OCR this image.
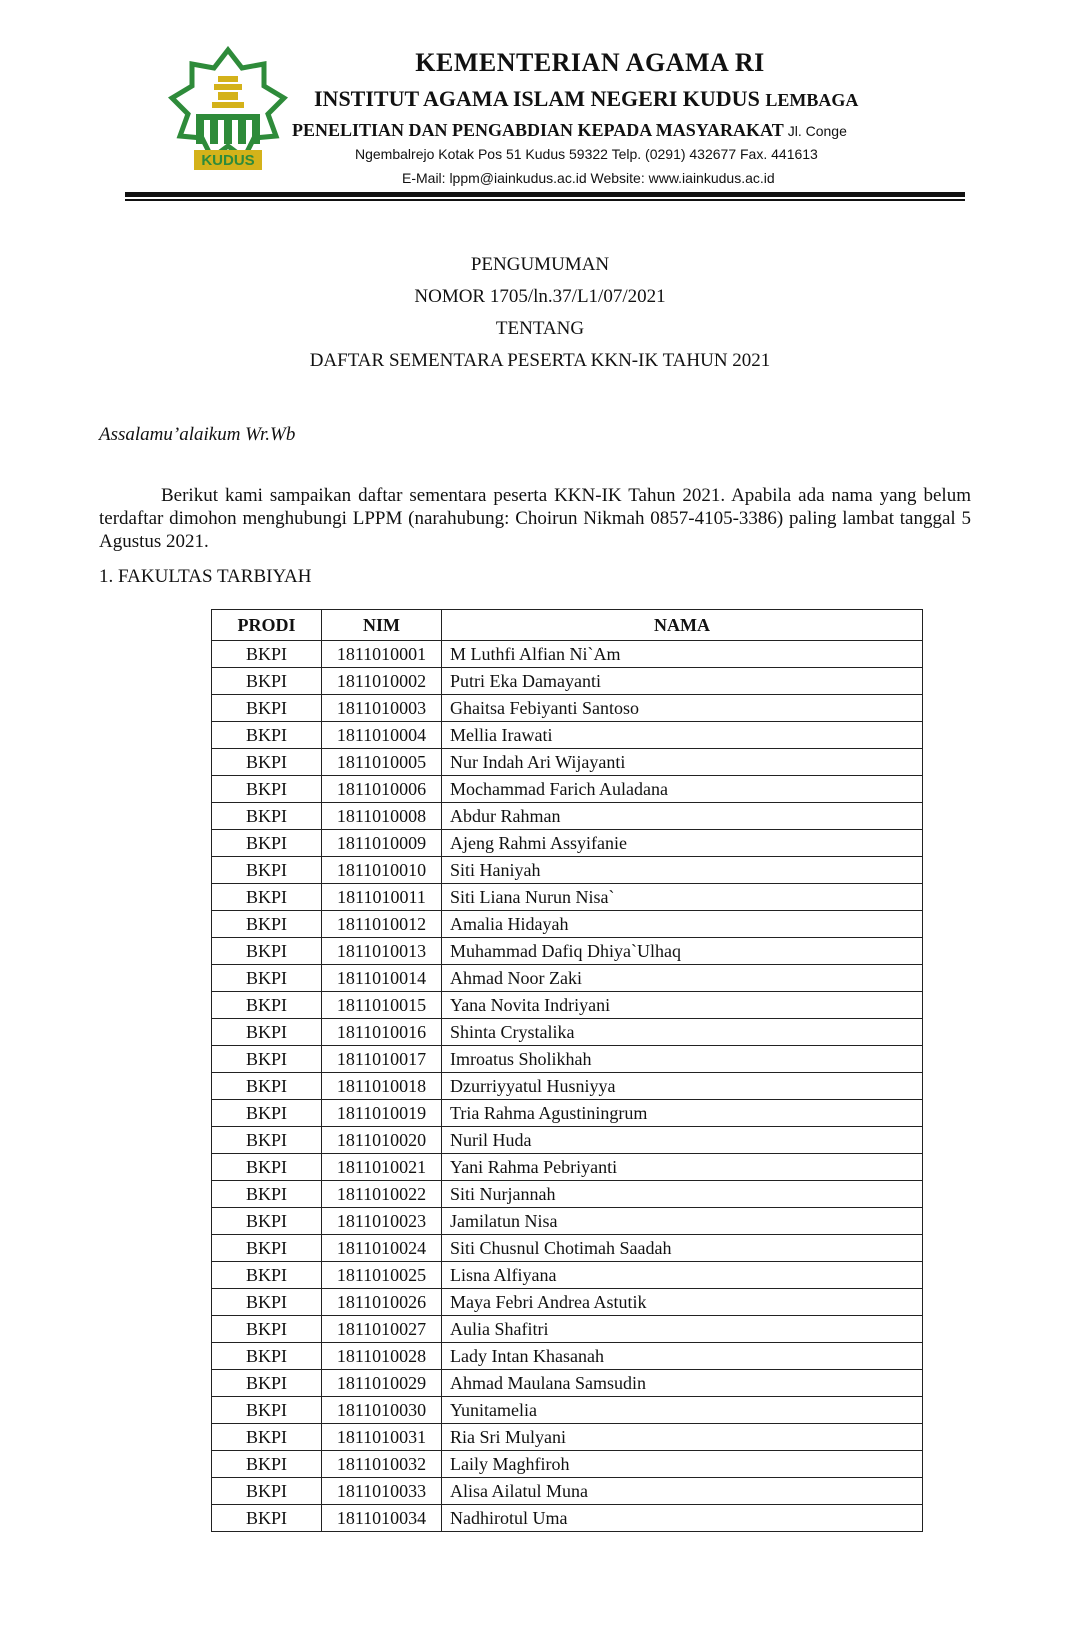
KUDUS
KEMENTERIAN AGAMA RI
INSTITUT AGAMA ISLAM NEGERI KUDUS LEMBAGA
PENELITIAN DAN PENGABDIAN KEPADA MASYARAKAT Jl. Conge
Ngembalrejo Kotak Pos 51 Kudus 59322 Telp. (0291) 432677 Fax. 441613
E-Mail: lppm@iainkudus.ac.id Website: www.iainkudus.ac.id
PENGUMUMAN
NOMOR 1705/ln.37/L1/07/2021
TENTANG
DAFTAR SEMENTARA PESERTA KKN-IK TAHUN 2021
Assalamu’alaikum Wr.Wb

Berikut kami sampaikan daftar sementara peserta KKN-IK Tahun 2021. Apabila ada nama yang belum terdaftar dimohon menghubungi LPPM (narahubung: Choirun Nikmah 0857-4105-3386) paling lambat tanggal 5 Agustus 2021.

1. FAKULTAS TARBIYAH
PRODI	NIM	NAMA
BKPI	1811010001	M Luthfi Alfian Ni`Am
BKPI	1811010002	Putri Eka Damayanti
BKPI	1811010003	Ghaitsa Febiyanti Santoso
BKPI	1811010004	Mellia Irawati
BKPI	1811010005	Nur Indah Ari Wijayanti
BKPI	1811010006	Mochammad Farich Auladana
BKPI	1811010008	Abdur Rahman
BKPI	1811010009	Ajeng Rahmi Assyifanie
BKPI	1811010010	Siti Haniyah
BKPI	1811010011	Siti Liana Nurun Nisa`
BKPI	1811010012	Amalia Hidayah
BKPI	1811010013	Muhammad Dafiq Dhiya`Ulhaq
BKPI	1811010014	Ahmad Noor Zaki
BKPI	1811010015	Yana Novita Indriyani
BKPI	1811010016	Shinta Crystalika
BKPI	1811010017	Imroatus Sholikhah
BKPI	1811010018	Dzurriyyatul Husniyya
BKPI	1811010019	Tria Rahma Agustiningrum
BKPI	1811010020	Nuril Huda
BKPI	1811010021	Yani Rahma Pebriyanti
BKPI	1811010022	Siti Nurjannah
BKPI	1811010023	Jamilatun Nisa
BKPI	1811010024	Siti Chusnul Chotimah Saadah
BKPI	1811010025	Lisna Alfiyana
BKPI	1811010026	Maya Febri Andrea Astutik
BKPI	1811010027	Aulia Shafitri
BKPI	1811010028	Lady Intan Khasanah
BKPI	1811010029	Ahmad Maulana Samsudin
BKPI	1811010030	Yunitamelia
BKPI	1811010031	Ria Sri Mulyani
BKPI	1811010032	Laily Maghfiroh
BKPI	1811010033	Alisa Ailatul Muna
BKPI	1811010034	Nadhirotul Uma
